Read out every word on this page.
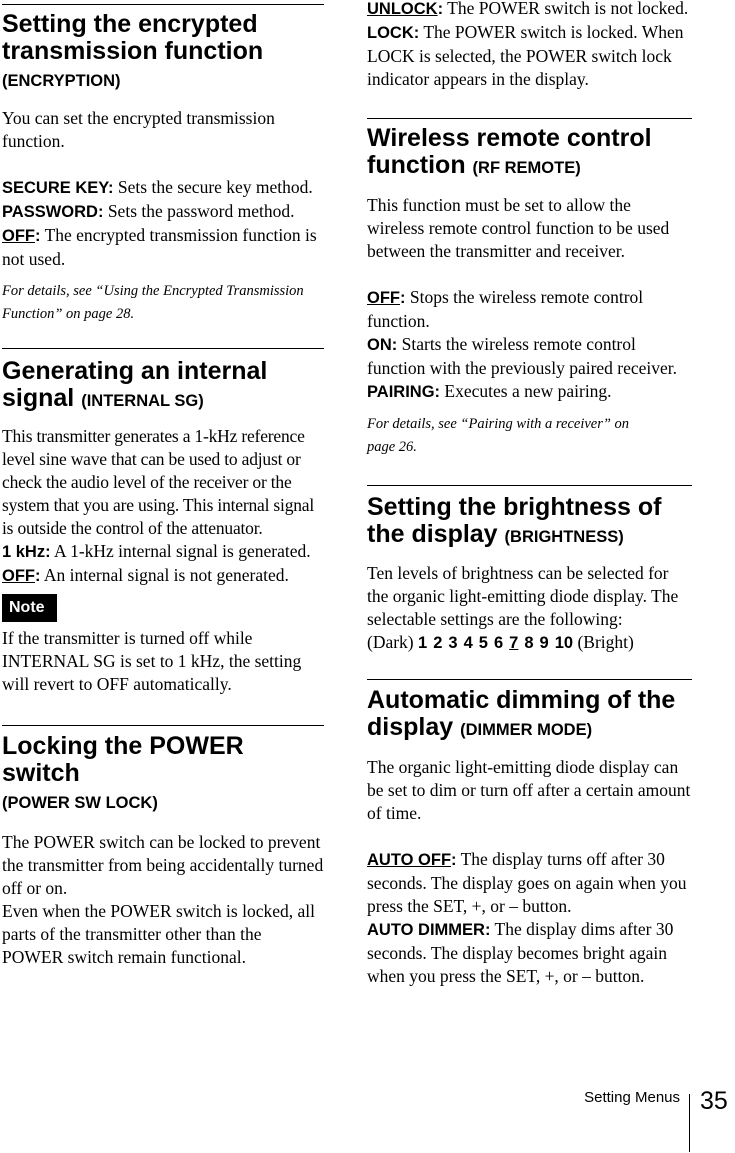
Setting the encrypted transmission function
(ENCRYPTION)

You can set the encrypted transmission function.

SECURE KEY: Sets the secure key method.

PASSWORD: Sets the password method.

OFF: The encrypted transmission function is not used.

For details, see “Using the Encrypted Transmission Function” on page 28.

Generating an internal signal (INTERNAL SG)

This transmitter generates a 1-kHz reference level sine wave that can be used to adjust or check the audio level of the receiver or the system that you are using. This internal signal is outside the control of the attenuator.

1 kHz: A 1-kHz internal signal is generated.

OFF: An internal signal is not generated.

Note

If the transmitter is turned off while INTERNAL SG is set to 1 kHz, the setting will revert to OFF automatically.

Locking the POWER switch
(POWER SW LOCK)

The POWER switch can be locked to prevent the transmitter from being accidentally turned off or on.

Even when the POWER switch is locked, all parts of the transmitter other than the POWER switch remain functional.

UNLOCK: The POWER switch is not locked.

LOCK: The POWER switch is locked. When LOCK is selected, the POWER switch lock indicator appears in the display.

Wireless remote control function (RF REMOTE)

This function must be set to allow the wireless remote control function to be used between the transmitter and receiver.

OFF: Stops the wireless remote control function.

ON: Starts the wireless remote control function with the previously paired receiver.

PAIRING: Executes a new pairing.

For details, see “Pairing with a receiver” on
page 26.

Setting the brightness of the display (BRIGHTNESS)

Ten levels of brightness can be selected for the organic light-emitting diode display. The selectable settings are the following:

(Dark) 1 2 3 4 5 6 7 8 9 10 (Bright)

Automatic dimming of the display (DIMMER MODE)

The organic light-emitting diode display can be set to dim or turn off after a certain amount of time.

AUTO OFF: The display turns off after 30 seconds. The display goes on again when you press the SET, +, or – button.

AUTO DIMMER: The display dims after 30 seconds. The display becomes bright again when you press the SET, +, or – button.

Setting Menus 35
